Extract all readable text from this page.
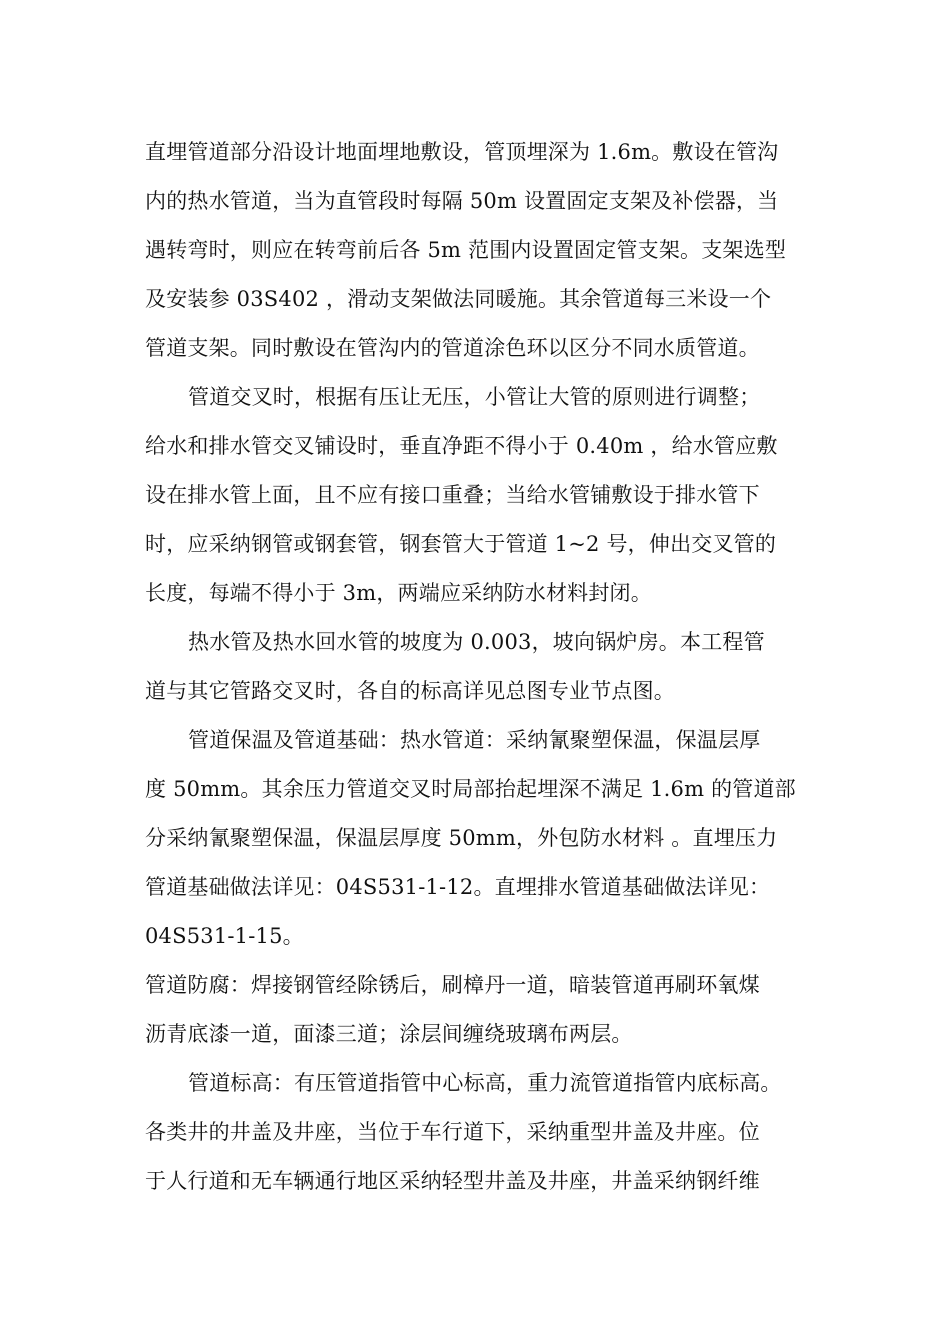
直埋管道部分沿设计地面埋地敷设，管顶埋深为 1.6m。敷设在管沟
内的热水管道，当为直管段时每隔 50m 设置固定支架及补偿器，当
遇转弯时，则应在转弯前后各 5m 范围内设置固定管支架。支架选型
及安装参 03S402 ，滑动支架做法同暖施。其余管道每三米设一个
管道支架。同时敷设在管沟内的管道涂色环以区分不同水质管道。
管道交叉时，根据有压让无压，小管让大管的原则进行调整；
给水和排水管交叉铺设时，垂直净距不得小于 0.40m ，给水管应敷
设在排水管上面，且不应有接口重叠；当给水管铺敷设于排水管下
时，应采纳钢管或钢套管，钢套管大于管道 1~2 号，伸出交叉管的
长度，每端不得小于 3m，两端应采纳防水材料封闭。
热水管及热水回水管的坡度为 0.003，坡向锅炉房。本工程管
道与其它管路交叉时，各自的标高详见总图专业节点图。
管道保温及管道基础：热水管道：采纳氰聚塑保温，保温层厚
度 50mm。其余压力管道交叉时局部抬起埋深不满足 1.6m 的管道部
分采纳氰聚塑保温，保温层厚度 50mm，外包防水材料 。直埋压力
管道基础做法详见：04S531-1-12。直埋排水管道基础做法详见：
04S531-1-15。
管道防腐：焊接钢管经除锈后，刷樟丹一道，暗装管道再刷环氧煤
沥青底漆一道，面漆三道；涂层间缠绕玻璃布两层。
管道标高：有压管道指管中心标高，重力流管道指管内底标高。
各类井的井盖及井座，当位于车行道下，采纳重型井盖及井座。位
于人行道和无车辆通行地区采纳轻型井盖及井座，井盖采纳钢纤维
